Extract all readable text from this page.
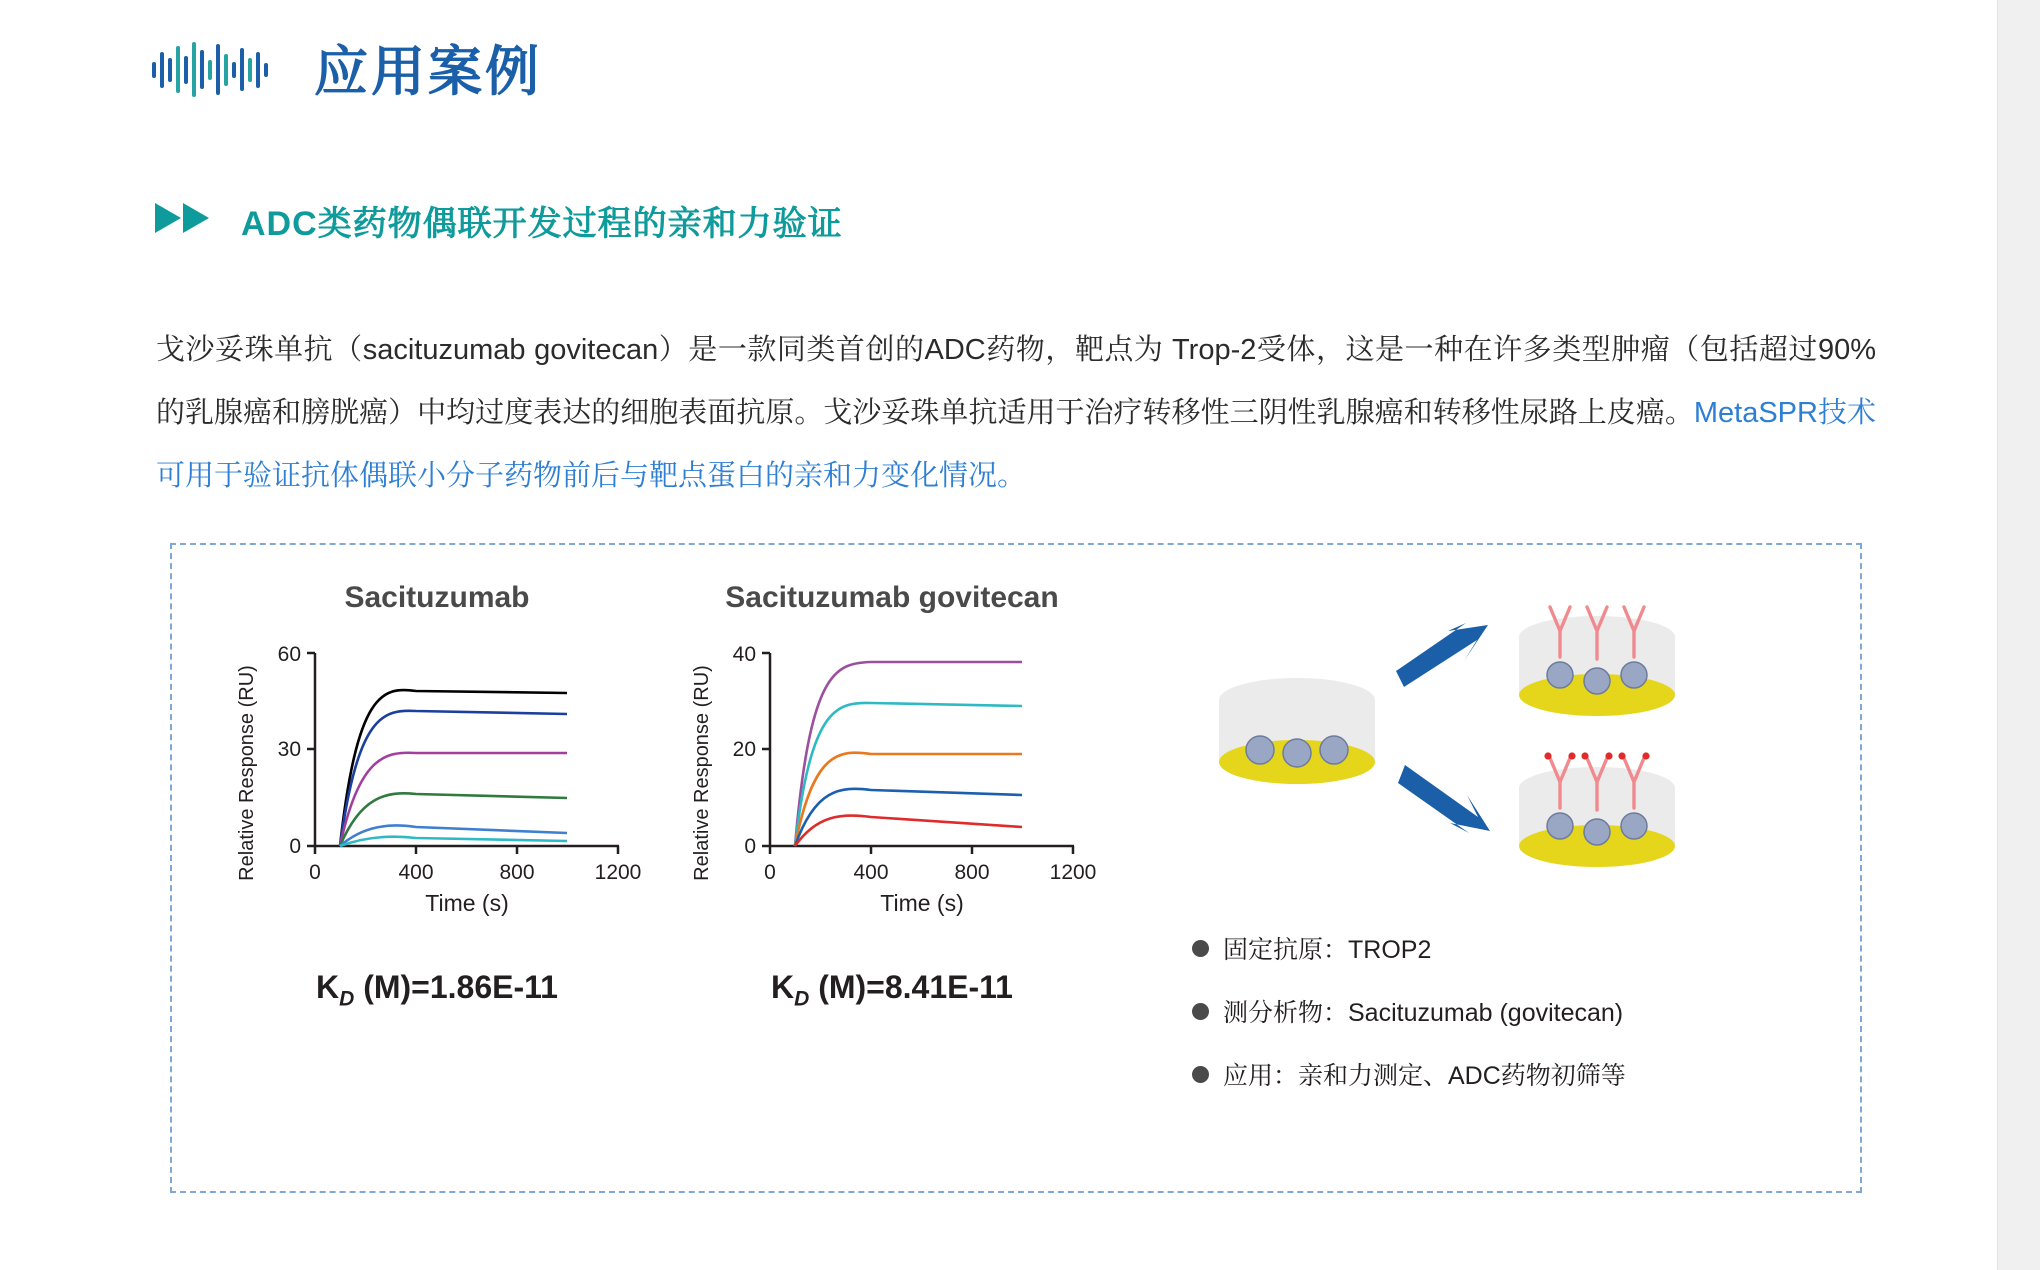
应用案例
ADC类药物偶联开发过程的亲和力验证

戈沙妥珠单抗（sacituzumab govitecan）是一款同类首创的ADC药物，靶点为 Trop-2受体，这是一种在许多类型肿瘤（包括超过90%的乳腺癌和膀胱癌）中均过度表达的细胞表面抗原。戈沙妥珠单抗适用于治疗转移性三阴性乳腺癌和转移性尿路上皮癌。MetaSPR技术可用于验证抗体偶联小分子药物前后与靶点蛋白的亲和力变化情况。

Sacituzumab
Relative Response (RU) 0
30
60
0	400	800	1200
Time (s)
$K_D$ (M)=1.86E-11
Sacituzumab govitecan
Relative Response (RU) 0
20
40
0	400	800	1200
Time (s)
$K_D$ (M)=8.41E-11
固定抗原：TROP2
测分析物：Sacituzumab (govitecan)
应用：亲和力测定、ADC药物初筛等
